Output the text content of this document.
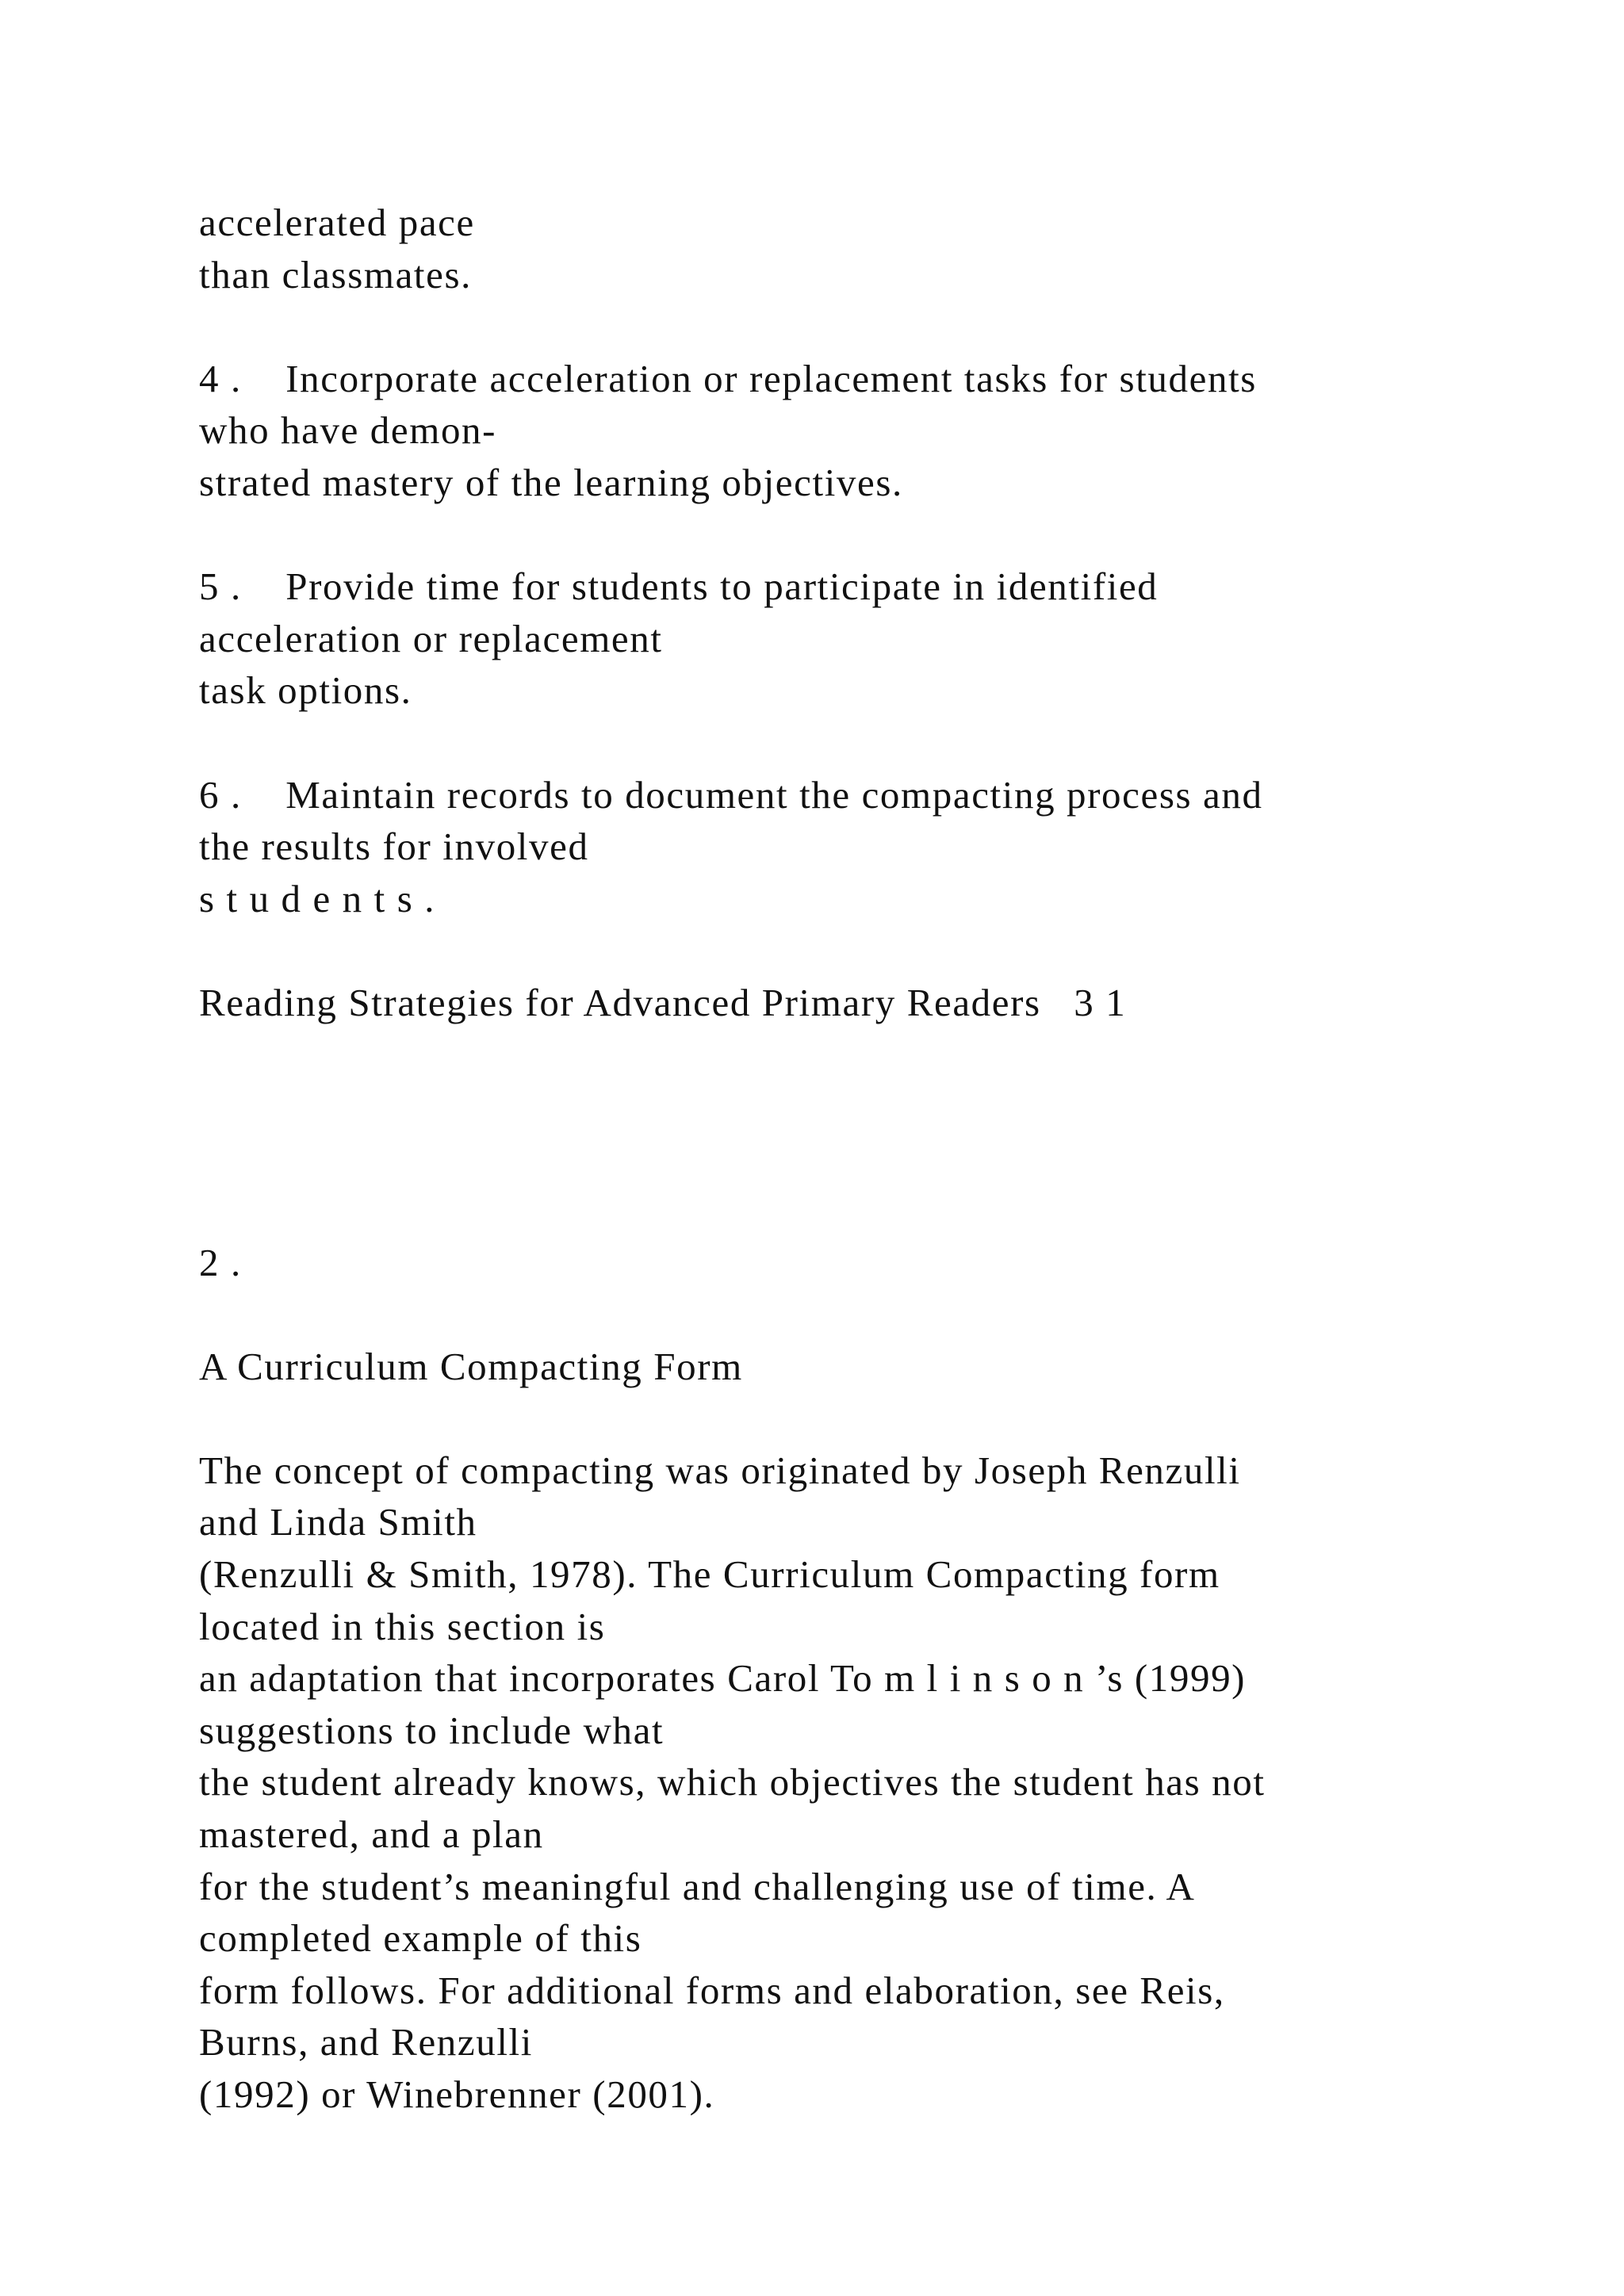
accelerated pace
than classmates.
4 . Incorporate acceleration or replacement tasks for students
who have demon-
strated mastery of the learning objectives.
5 . Provide time for students to participate in identified
acceleration or replacement
task options.
6 . Maintain records to document the compacting process and
the results for involved
s t u d e n t s .
Reading Strategies for Advanced Primary Readers 3 1
2 .
A Curriculum Compacting Form
The concept of compacting was originated by Joseph Renzulli
and Linda Smith
(Renzulli & Smith, 1978). The Curriculum Compacting form
located in this section is
an adaptation that incorporates Carol To m l i n s o n ’s (1999)
suggestions to include what
the student already knows, which objectives the student has not
mastered, and a plan
for the student’s meaningful and challenging use of time. A
completed example of this
form follows. For additional forms and elaboration, see Reis,
Burns, and Renzulli
(1992) or Winebrenner (2001).
